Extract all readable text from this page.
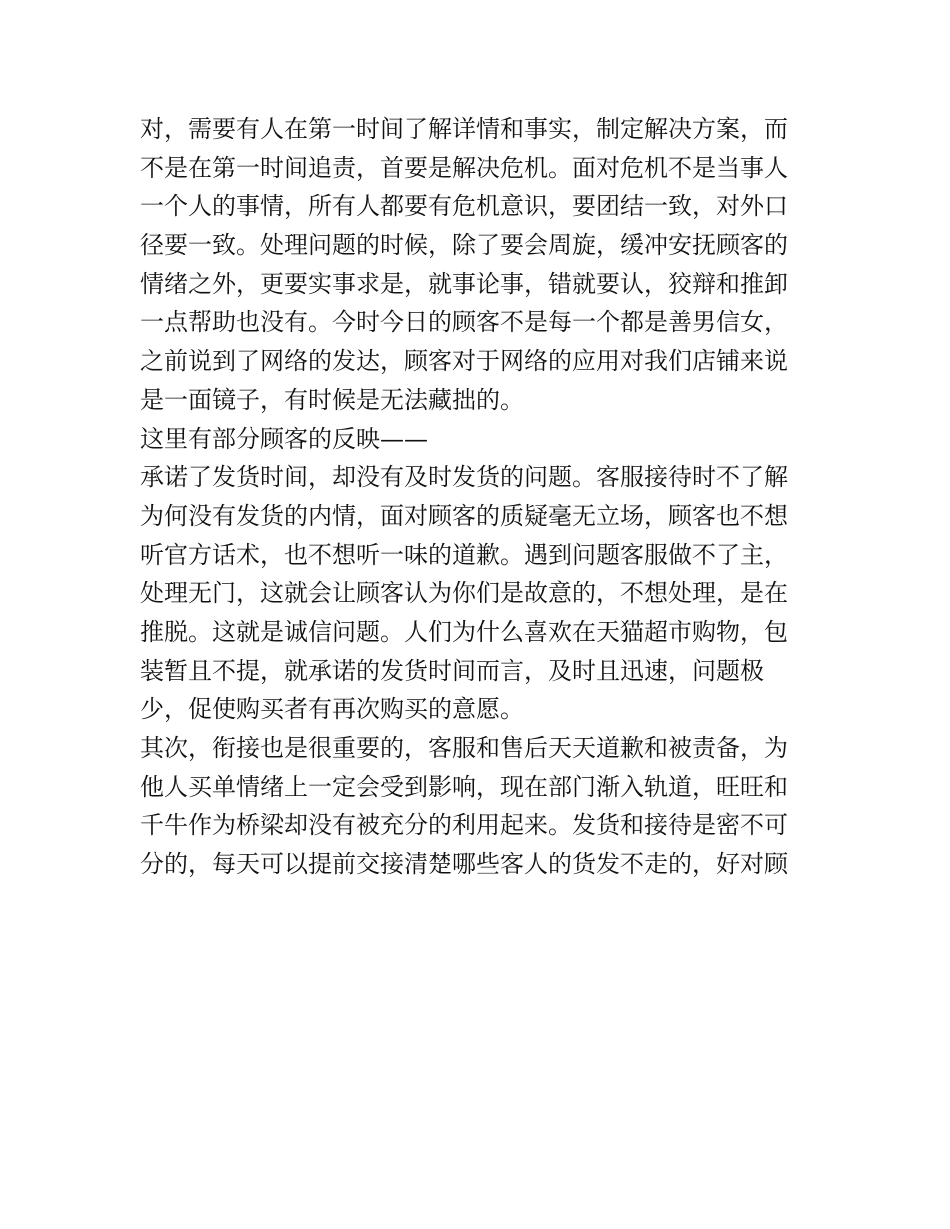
对，需要有人在第一时间了解详情和事实，制定解决方案，而
不是在第一时间追责，首要是解决危机。面对危机不是当事人
一个人的事情，所有人都要有危机意识，要团结一致，对外口
径要一致。处理问题的时候，除了要会周旋，缓冲安抚顾客的
情绪之外，更要实事求是，就事论事，错就要认，狡辩和推卸
一点帮助也没有。今时今日的顾客不是每一个都是善男信女，
之前说到了网络的发达，顾客对于网络的应用对我们店铺来说
是一面镜子，有时候是无法藏拙的。
这里有部分顾客的反映——
承诺了发货时间，却没有及时发货的问题。客服接待时不了解
为何没有发货的内情，面对顾客的质疑毫无立场，顾客也不想
听官方话术，也不想听一味的道歉。遇到问题客服做不了主，
处理无门，这就会让顾客认为你们是故意的，不想处理，是在
推脱。这就是诚信问题。人们为什么喜欢在天猫超市购物，包
装暂且不提，就承诺的发货时间而言，及时且迅速，问题极
少，促使购买者有再次购买的意愿。
其次，衔接也是很重要的，客服和售后天天道歉和被责备，为
他人买单情绪上一定会受到影响，现在部门渐入轨道，旺旺和
千牛作为桥梁却没有被充分的利用起来。发货和接待是密不可
分的，每天可以提前交接清楚哪些客人的货发不走的，好对顾
